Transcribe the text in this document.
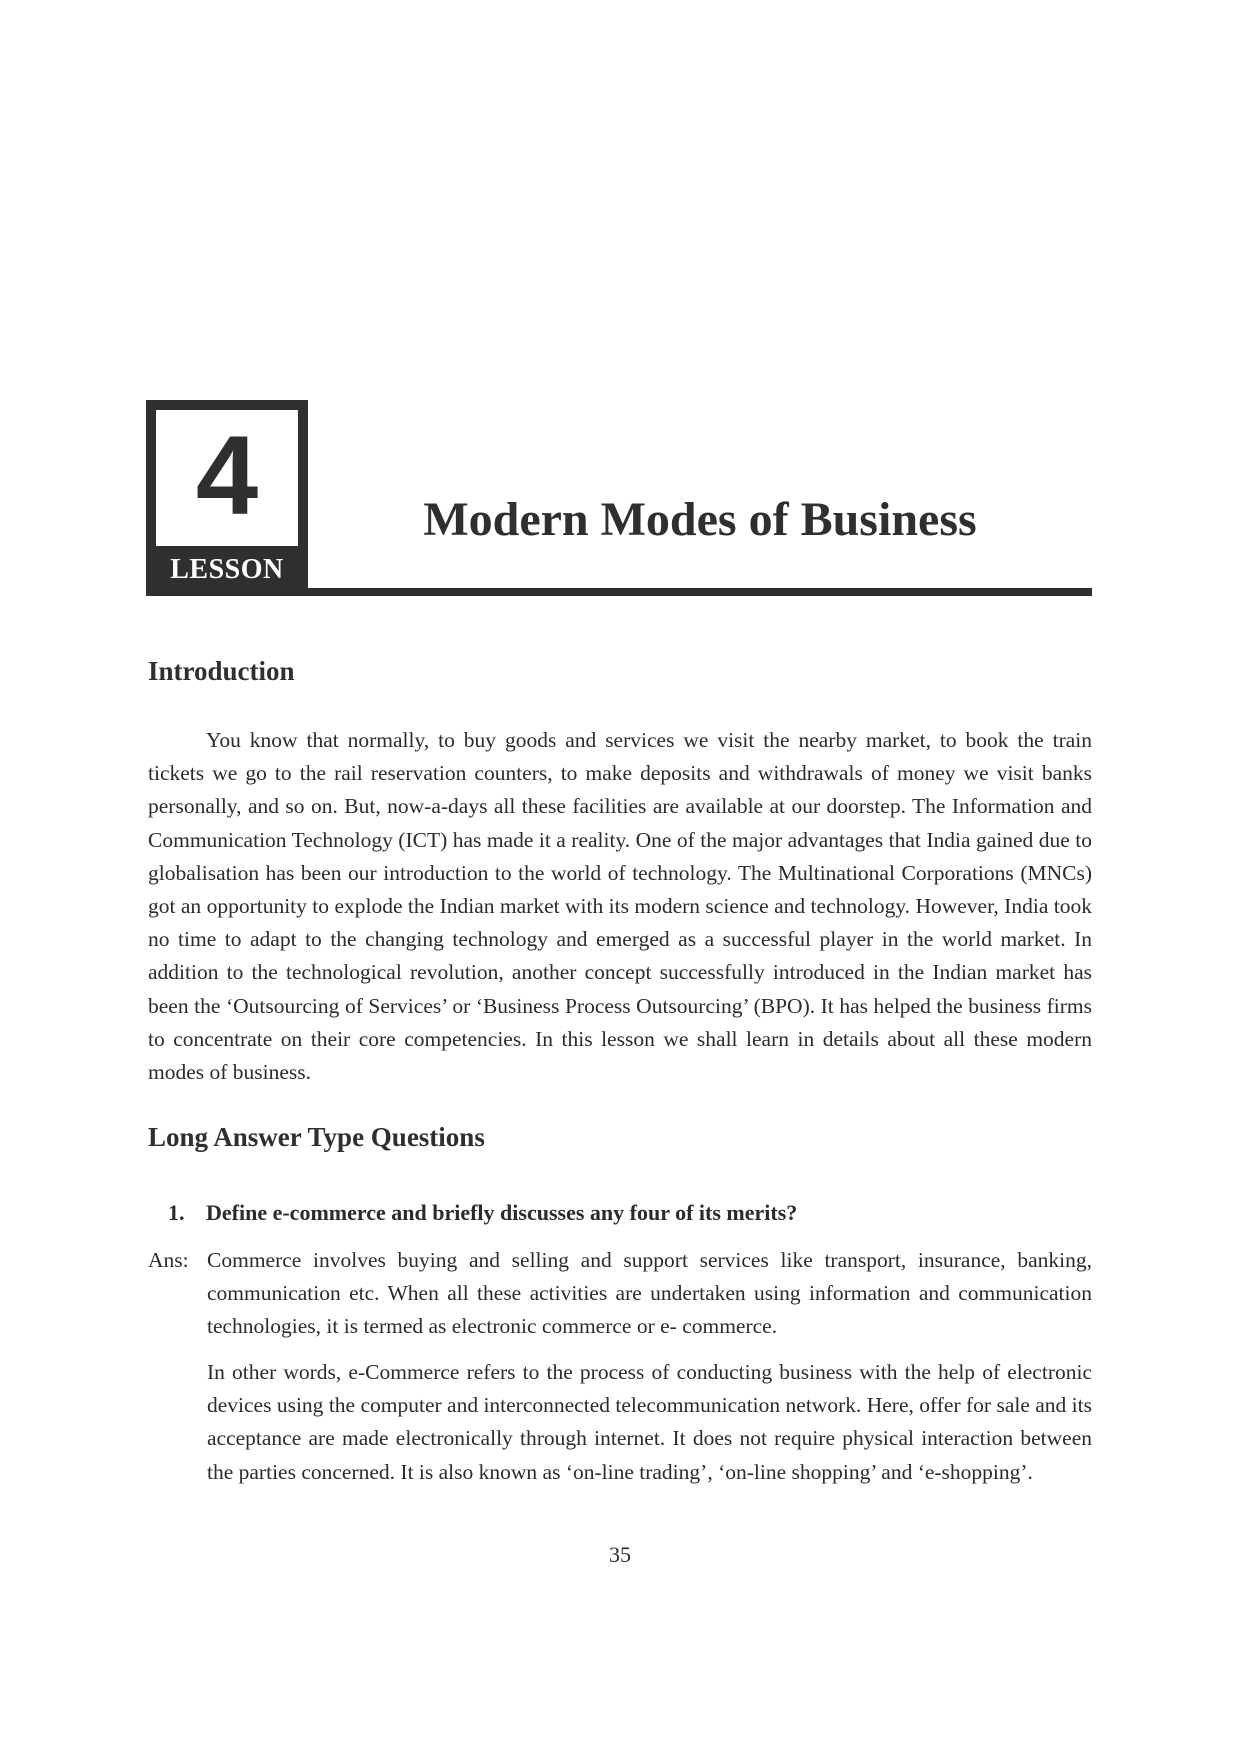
4
LESSON
Modern Modes of Business
Introduction

You know that normally, to buy goods and services we visit the nearby market, to book the train tickets we go to the rail reservation counters, to make deposits and withdrawals of money we visit banks personally, and so on. But, now-a-days all these facilities are available at our doorstep. The Information and Communication Technology (ICT) has made it a reality. One of the major advantages that India gained due to globalisation has been our introduction to the world of technology. The Multinational Corporations (MNCs) got an opportunity to explode the Indian market with its modern science and technology. However, India took no time to adapt to the changing technology and emerged as a successful player in the world market. In addition to the technological revolution, another concept successfully introduced in the Indian market has been the ‘Outsourcing of Services’ or ‘Business Process Outsourcing’ (BPO). It has helped the business firms to concentrate on their core competencies. In this lesson we shall learn in details about all these modern modes of business.

Long Answer Type Questions
1. Define e-commerce and briefly discusses any four of its merits?
Ans: Commerce involves buying and selling and support services like transport, insurance, banking, communication etc. When all these activities are undertaken using information and communication technologies, it is termed as electronic commerce or e- commerce.

In other words, e-Commerce refers to the process of conducting business with the help of electronic devices using the computer and interconnected telecommunication network. Here, offer for sale and its acceptance are made electronically through internet. It does not require physical interaction between the parties concerned. It is also known as ‘on-line trading’, ‘on-line shopping’ and ‘e-shopping’.

35
